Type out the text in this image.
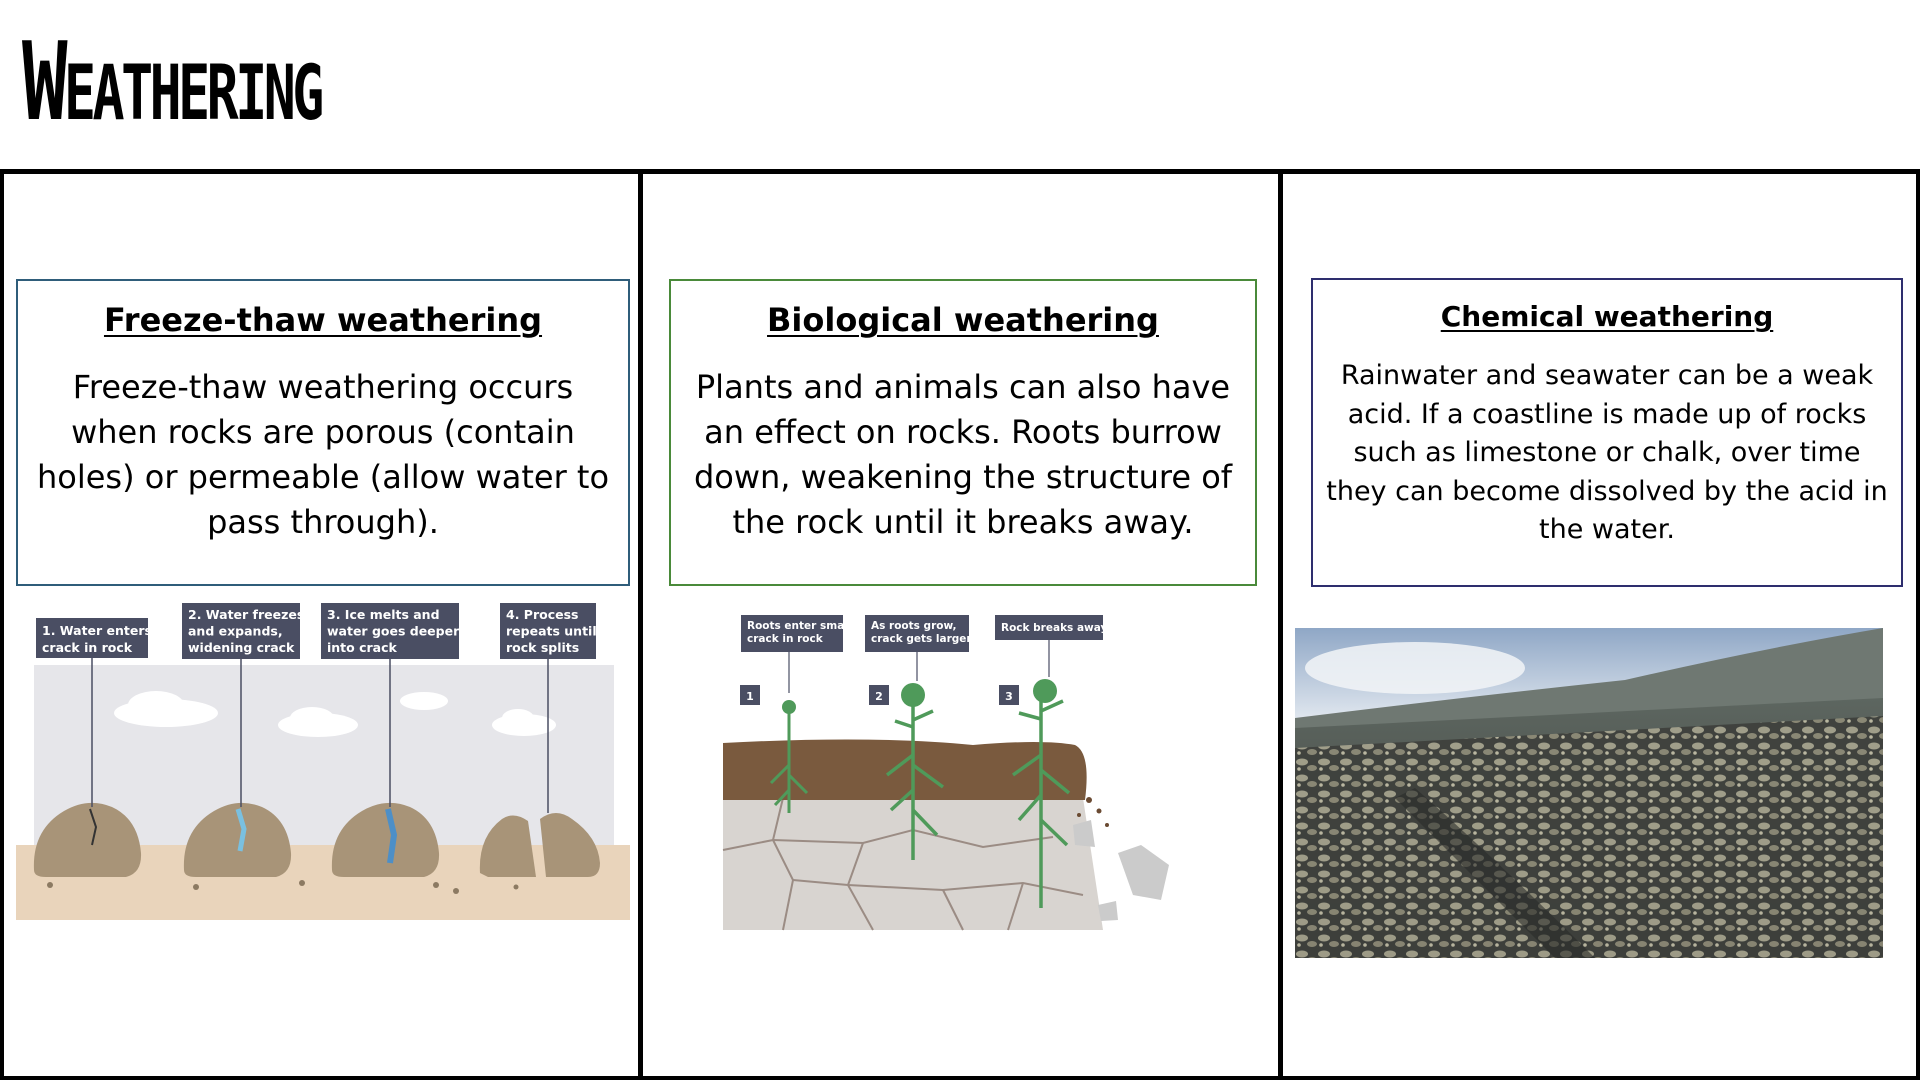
Weathering
Freeze-thaw weathering
Freeze-thaw weathering occurs when rocks are porous (contain holes) or permeable (allow water to pass through).
1. Water enters crack in rock
2. Water freezes and expands, widening crack
3. Ice melts and water goes deeper into crack
4. Process repeats until rock splits
Biological weathering
Plants and animals can also have an effect on rocks. Roots burrow down, weakening the structure of the rock until it breaks away.
1	2	3
Roots enter small crack in rock
As roots grow, crack gets larger
Rock breaks away
Chemical weathering
Rainwater and seawater can be a weak acid. If a coastline is made up of rocks such as limestone or chalk, over time they can become dissolved by the acid in the water.
